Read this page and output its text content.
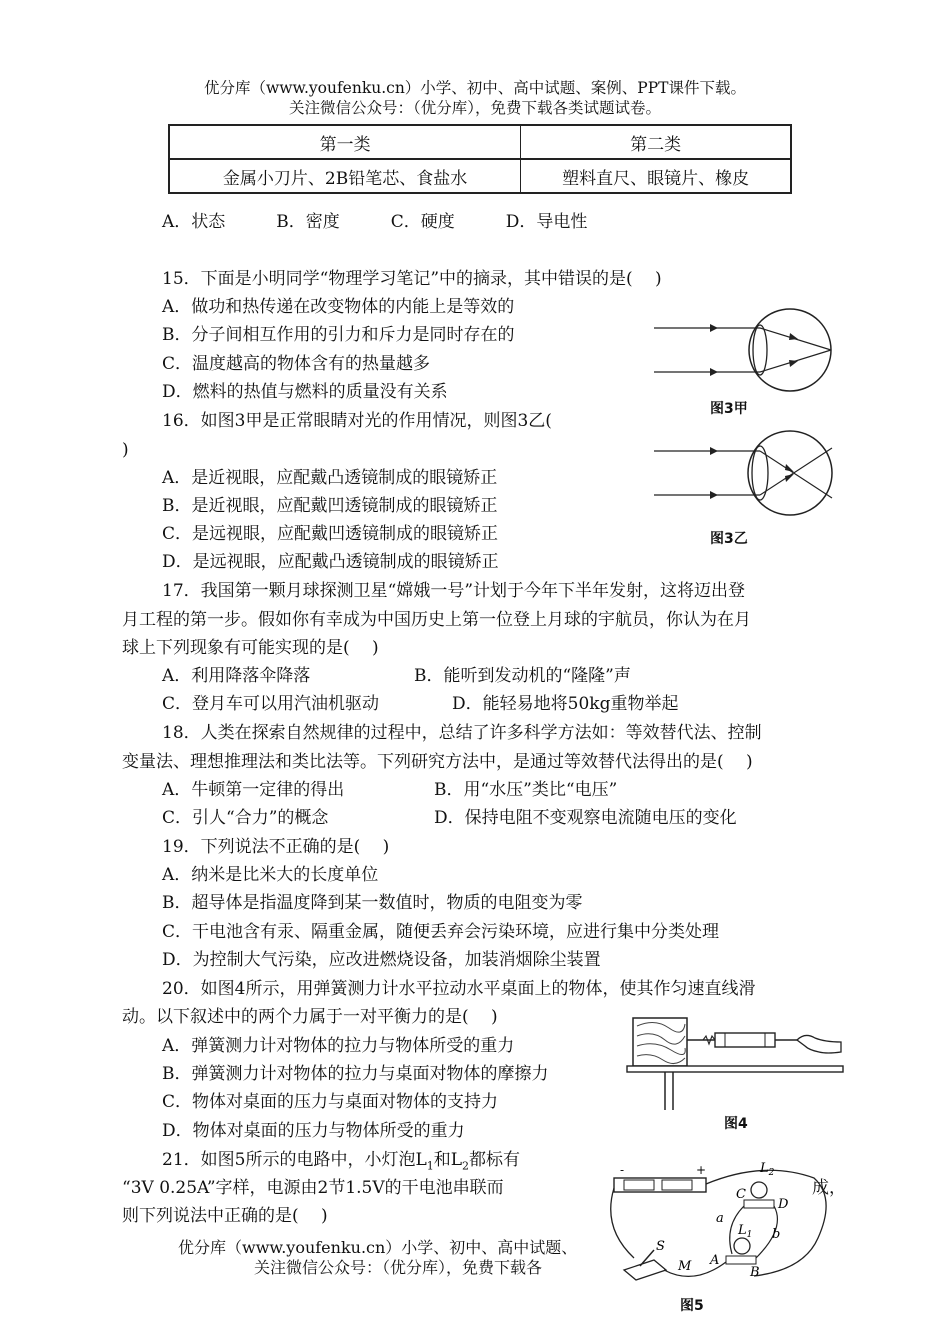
优分库（www.youfenku.cn）小学、初中、高中试题、案例、PPT课件下载。
关注微信公众号：（优分库），免费下载各类试题试卷。
第一类	第二类
金属小刀片、2B铅笔芯、食盐水	塑料直尺、眼镜片、橡皮
A．状态　　　B．密度　　　C．硬度　　　D．导电性
15．下面是小明同学“物理学习笔记”中的摘录，其中错误的是(　 )
A．做功和热传递在改变物体的内能上是等效的
B．分子间相互作用的引力和斥力是同时存在的
C．温度越高的物体含有的热量越多
D．燃料的热值与燃料的质量没有关系
16．如图3甲是正常眼睛对光的作用情况，则图3乙(
)
A．是近视眼，应配戴凸透镜制成的眼镜矫正
B．是近视眼，应配戴凹透镜制成的眼镜矫正
C．是远视眼，应配戴凹透镜制成的眼镜矫正
D．是远视眼，应配戴凸透镜制成的眼镜矫正
17．我国第一颗月球探测卫星“嫦娥一号”计划于今年下半年发射，这将迈出登
月工程的第一步。假如你有幸成为中国历史上第一位登上月球的宇航员，你认为在月
球上下列现象有可能实现的是(　 )
A．利用降落伞降落	B．能听到发动机的“隆隆”声
C．登月车可以用汽油机驱动	D．能轻易地将50kg重物举起
18．人类在探索自然规律的过程中，总结了许多科学方法如：等效替代法、控制
变量法、理想推理法和类比法等。下列研究方法中，是通过等效替代法得出的是(　 )
A．牛顿第一定律的得出	B．用“水压”类比“电压”
C．引人“合力”的概念	D．保持电阻不变观察电流随电压的变化
19．下列说法不正确的是(　 )
A．纳米是比米大的长度单位
B．超导体是指温度降到某一数值时，物质的电阻变为零
C．干电池含有汞、隔重金属，随便丢弃会污染环境，应进行集中分类处理
D．为控制大气污染，应改进燃烧设备，加装消烟除尘装置
20．如图4所示，用弹簧测力计水平拉动水平桌面上的物体，使其作匀速直线滑
动。以下叙述中的两个力属于一对平衡力的是(　 )
A．弹簧测力计对物体的拉力与物体所受的重力
B．弹簧测力计对物体的拉力与桌面对物体的摩擦力
C．物体对桌面的压力与桌面对物体的支持力
D．物体对桌面的压力与物体所受的重力
21．如图5所示的电路中，小灯泡$L_1$和$L_2$都标有
“3V 0.25A”字样，电源由2节1.5V的干电池串联而	成，
则下列说法中正确的是(　 )
优分库（www.youfenku.cn）小学、初中、高中试题、
关注微信公众号：（优分库），免费下载各
图3甲
图3乙
图4
-	+	$L_2$
C
D
a
b
$L_1$
S
M A
B
图5
